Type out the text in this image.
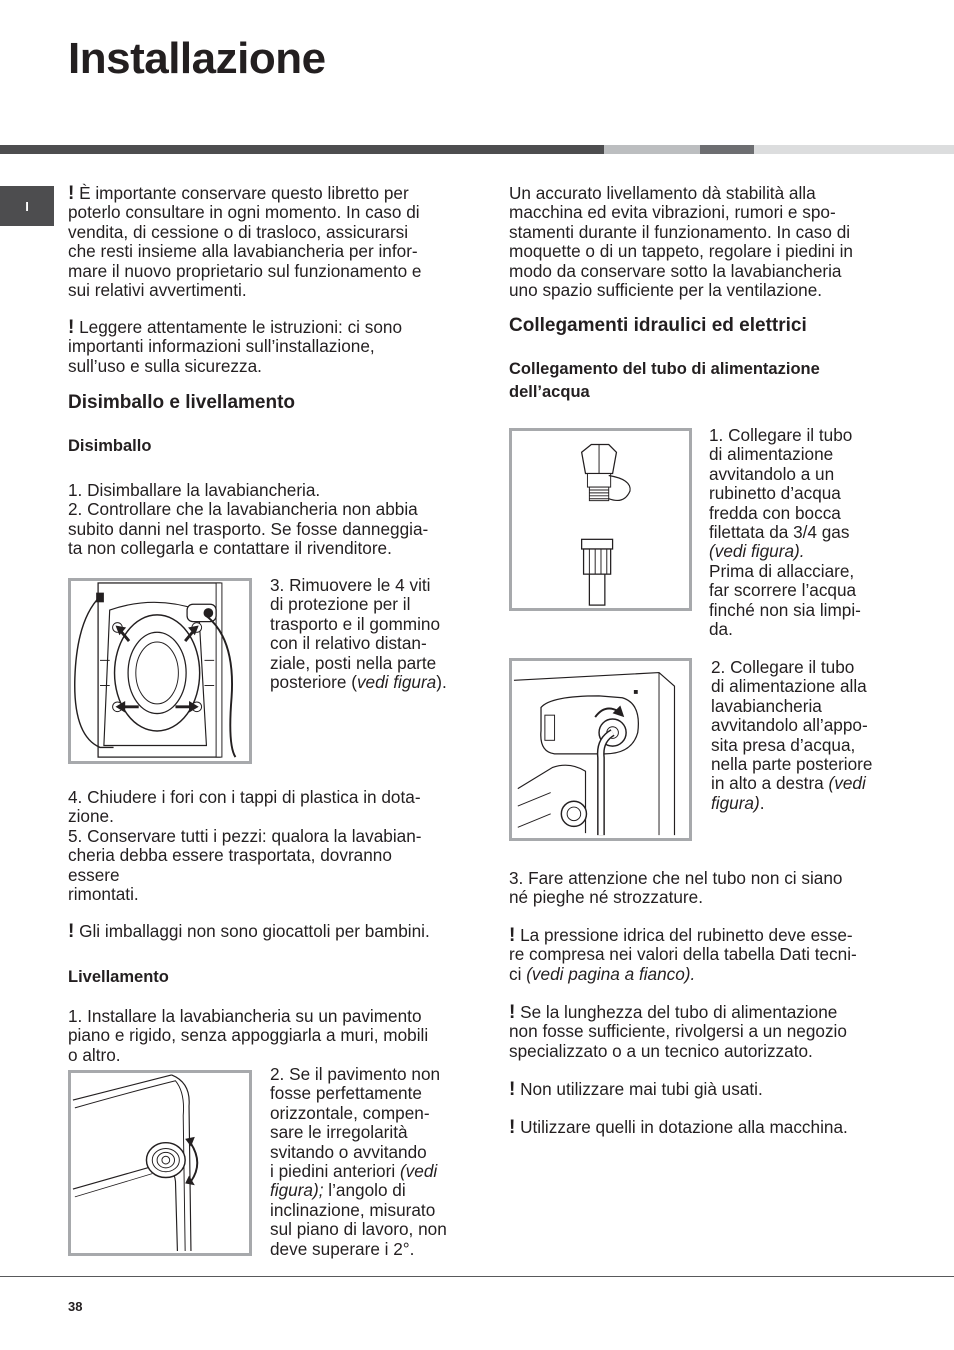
Installazione
I

! È importante conservare questo libretto per
poterlo consultare in ogni momento. In caso di
vendita, di cessione o di trasloco, assicurarsi
che resti insieme alla lavabiancheria per infor-
mare il nuovo proprietario sul funzionamento e
sui relativi avvertimenti.

! Leggere attentamente le istruzioni: ci sono
importanti informazioni sull’installazione,
sull’uso e sulla sicurezza.

Disimballo e livellamento
Disimballo

1. Disimballare la lavabiancheria.
2. Controllare che la lavabiancheria non abbia
subito danni nel trasporto. Se fosse danneggia-
ta non collegarla e contattare il rivenditore.

3. Rimuovere le 4 viti
di protezione per il
trasporto e il gommino
con il relativo distan-
ziale, posti nella parte
posteriore (vedi figura).

4. Chiudere i fori con i tappi di plastica in dota-
zione.
5. Conservare tutti i pezzi: qualora la lavabian-
cheria debba essere trasportata, dovranno
essere
rimontati.

! Gli imballaggi non sono giocattoli per bambini.

Livellamento

1. Installare la lavabiancheria su un pavimento
piano e rigido, senza appoggiarla a muri, mobili
o altro.

2. Se il pavimento non
fosse perfettamente
orizzontale, compen-
sare le irregolarità
svitando o avvitando
i piedini anteriori (vedi
figura); l’angolo di
inclinazione, misurato
sul piano di lavoro, non
deve superare i 2°.

Un accurato livellamento dà stabilità alla
macchina ed evita vibrazioni, rumori e spo-
stamenti durante il funzionamento. In caso di
moquette o di un tappeto, regolare i piedini in
modo da conservare sotto la lavabiancheria
uno spazio sufficiente per la ventilazione.

Collegamenti idraulici ed elettrici
Collegamento del tubo di alimentazione
dell’acqua

1. Collegare il tubo
di alimentazione
avvitandolo a un
rubinetto d’acqua
fredda con bocca
filettata da 3/4 gas
(vedi figura).
Prima di allacciare,
far scorrere l’acqua
finché non sia limpi-
da.

2. Collegare il tubo
di alimentazione alla
lavabiancheria
avvitandolo all’appo-
sita presa d’acqua,
nella parte posteriore
in alto a destra (vedi
figura).

3. Fare attenzione che nel tubo non ci siano
né pieghe né strozzature.

! La pressione idrica del rubinetto deve esse-
re compresa nei valori della tabella Dati tecni-
ci (vedi pagina a fianco).

! Se la lunghezza del tubo di alimentazione
non fosse sufficiente, rivolgersi a un negozio
specializzato o a un tecnico autorizzato.

! Non utilizzare mai tubi già usati.

! Utilizzare quelli in dotazione alla macchina.

38
